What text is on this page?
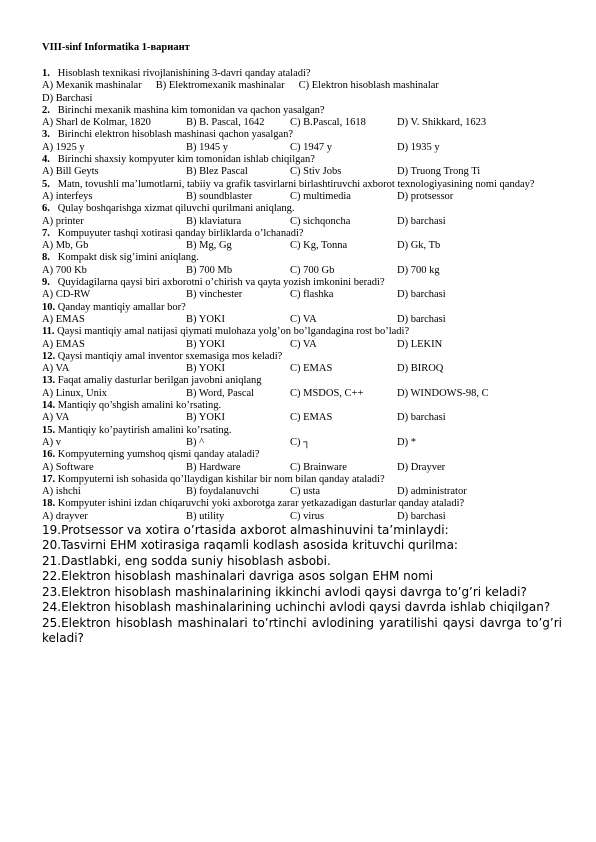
VIII-sinf Informatika 1-вариант
1.   Hisoblash texnikasi rivojlanishining 3-davri qanday ataladi?
A) Mexanik mashinalar B) Elektromexanik mashinalar C) Elektron hisoblash mashinalar
D) Barchasi
2.   Birinchi mexanik mashina kim tomonidan va qachon yasalgan?
A) Sharl de Kolmar, 1820	B) B. Pascal, 1642	C) B.Pascal, 1618	D) V. Shikkard, 1623
3.   Birinchi elektron hisoblash mashinasi qachon yasalgan?
A) 1925 y	B) 1945 y	C) 1947 y	D) 1935 y
4.   Birinchi shaxsiy kompyuter kim tomonidan ishlab chiqilgan?
A) Bill Geyts	B) Blez Pascal	C) Stiv Jobs	D) Truong Trong Ti
5.   Matn, tovushli ma’lumotlarni, tabiiy va grafik tasvirlarni birlashtiruvchi axborot texnologiyasining nomi qanday?
A) interfeys	B) soundblaster	C) multimedia	D) protsessor
6.   Qulay boshqarishga xizmat qiluvchi qurilmani aniqlang.
A) printer	B) klaviatura	C) sichqoncha	D) barchasi
7.   Kompuyuter tashqi xotirasi qanday birliklarda o’lchanadi?
A) Mb, Gb	B) Mg, Gg	C) Kg, Tonna	D) Gk, Tb
8.   Kompakt disk sig’imini aniqlang.
A) 700 Kb	B) 700 Mb	C) 700 Gb	D) 700 kg
9.   Quyidagilarna qaysi biri axborotni o’chirish va qayta yozish imkonini beradi?
A) CD-RW	B) vinchester	C) flashka	D) barchasi
10. Qanday mantiqiy amallar bor?
A) EMAS	B) YOKI	C) VA	D) barchasi
11. Qaysi mantiqiy amal natijasi qiymati mulohaza yolg’on bo’lgandagina rost bo’ladi?
A) EMAS	B) YOKI	C) VA	D) LEKIN
12. Qaysi mantiqiy amal inventor sxemasiga mos keladi?
A) VA	B) YOKI	C) EMAS	D) BIROQ
13. Faqat amaliy dasturlar berilgan javobni aniqlang
A) Linux, Unix	B) Word, Pascal	C) MSDOS, C++	D) WINDOWS-98, C
14. Mantiqiy qo’shgish amalini ko’rsating.
A) VA	B) YOKI	C) EMAS	D) barchasi
15. Mantiqiy ko’paytirish amalini ko’rsating.
A) v	B) ^	C) ┐	D) *
16. Kompyuterning yumshoq qismi qanday ataladi?
A) Software	B) Hardware	C) Brainware	D) Drayver
17. Kompyuterni ish sohasida qo’llaydigan kishilar bir nom bilan qanday ataladi?
A) ishchi	B) foydalanuvchi	C) usta	D) administrator
18. Kompyuter ishini izdan chiqaruvchi yoki axborotga zarar yetkazadigan dasturlar qanday ataladi?
A) drayver	B) utility	C) virus	D) barchasi
19.Protsessor va xotira o’rtasida axborot almashinuvini ta’minlaydi:
20.Tasvirni EHM xotirasiga raqamli kodlash asosida krituvchi qurilma:
21.Dastlabki, eng sodda suniy hisoblash asbobi.
22.Elektron hisoblash mashinalari davriga asos solgan EHM nomi
23.Elektron hisoblash mashinalarining ikkinchi avlodi qaysi davrga to’g’ri keladi?
24.Elektron hisoblash mashinalarining uchinchi avlodi qaysi davrda ishlab chiqilgan?
25.Elektron hisoblash mashinalari to’rtinchi avlodining yaratilishi qaysi davrga to’g’ri
keladi?
